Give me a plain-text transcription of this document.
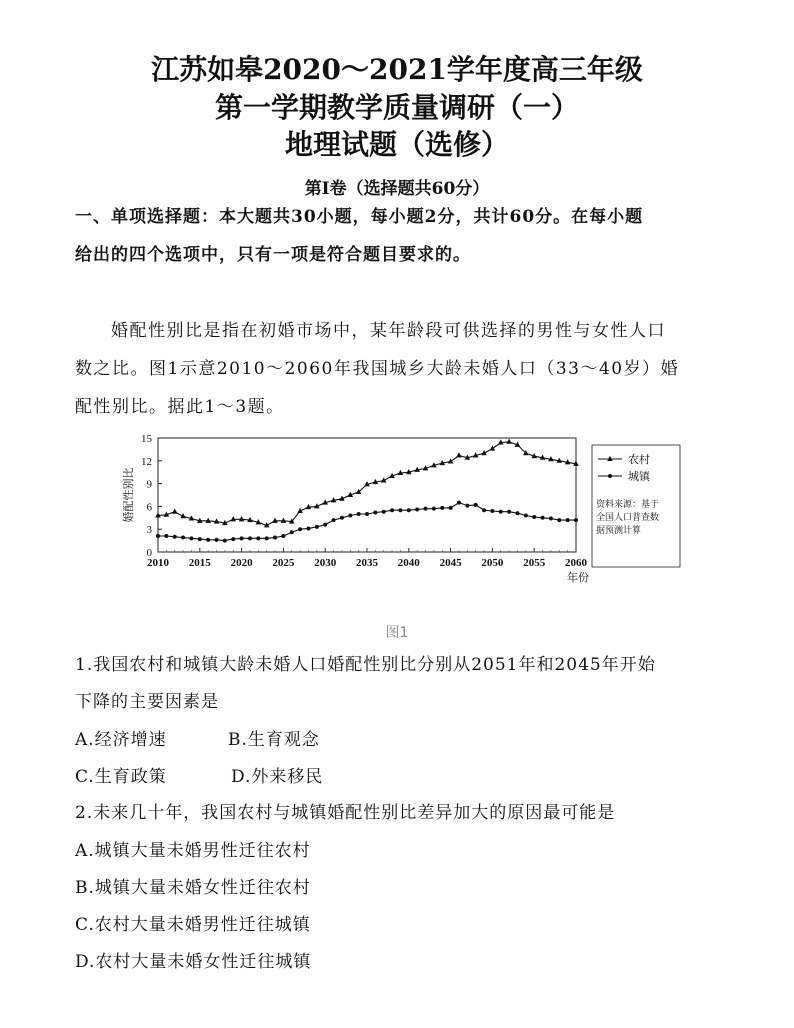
江苏如皋2020～2021学年度高三年级
第一学期教学质量调研（一）
地理试题（选修）
第Ⅰ卷（选择题共60分）
一、单项选择题：本大题共30小题，每小题2分，共计60分。在每小题
给出的四个选项中，只有一项是符合题目要求的。
婚配性别比是指在初婚市场中，某年龄段可供选择的男性与女性人口
数之比。图1示意2010～2060年我国城乡大龄未婚人口（33～40岁）婚
配性别比。据此1～3题。
0
3
6
9
12
15
2010 2015 2020 2025 2030 2035 2040 2045 2050 2055 2060
年份
婚配性别比
农村
城镇
资料来源：基于
全国人口普查数
据预测计算
图1
1.我国农村和城镇大龄未婚人口婚配性别比分别从2051年和2045年开始
下降的主要因素是
A.经济增速	B.生育观念
C.生育政策	D.外来移民
2.未来几十年，我国农村与城镇婚配性别比差异加大的原因最可能是
A.城镇大量未婚男性迁往农村
B.城镇大量未婚女性迁往农村
C.农村大量未婚男性迁往城镇
D.农村大量未婚女性迁往城镇
